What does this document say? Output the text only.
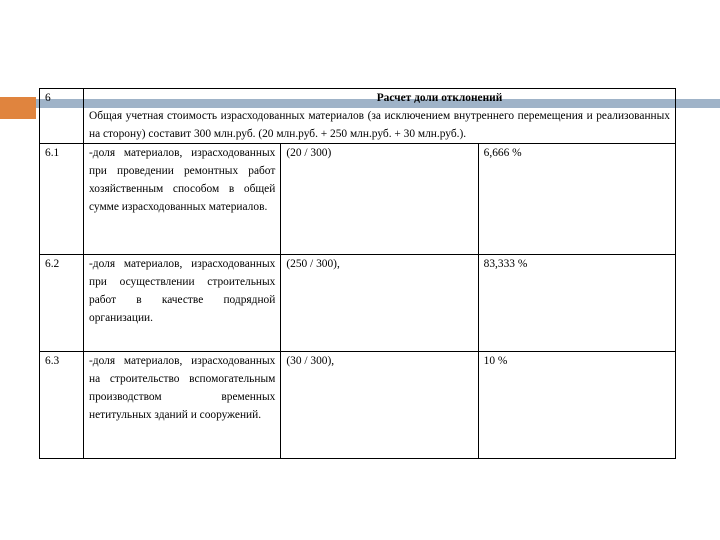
6	Расчет доли отклонений
Общая учетная стоимость израсходованных материалов (за исключением внутреннего перемещения и реализованных на сторону) составит 300 млн.руб. (20 млн.руб. + 250 млн.руб. + 30 млн.руб.).		

6.1	-доля материалов, израсходованных при проведении ремонтных работ хозяйственным способом в общей сумме израсходованных материалов.	(20 / 300)	6,666 %
6.2	-доля материалов, израсходованных при осуществлении строительных работ в качестве подрядной организации.	(250 / 300),	83,333 %
6.3	-доля материалов, израсходованных на строительство вспомогательным производством временных нетитульных зданий и сооружений.	(30 / 300),	10 %
